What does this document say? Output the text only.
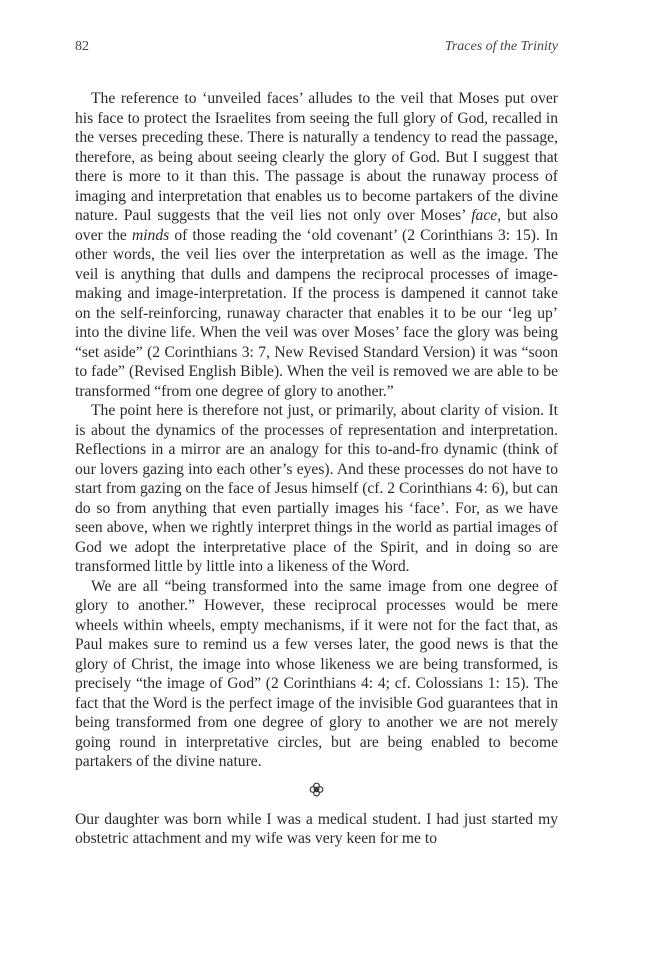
82	Traces of the Trinity

The reference to ‘unveiled faces’ alludes to the veil that Moses put over his face to protect the Israelites from seeing the full glory of God, recalled in the verses preceding these. There is naturally a tendency to read the passage, therefore, as being about seeing clearly the glory of God. But I suggest that there is more to it than this. The passage is about the runaway process of imaging and interpretation that enables us to become partakers of the divine nature. Paul suggests that the veil lies not only over Moses’ face, but also over the minds of those reading the ‘old covenant’ (2 Corinthians 3: 15). In other words, the veil lies over the interpretation as well as the image. The veil is anything that dulls and dampens the reciprocal processes of image-making and image-interpretation. If the process is dampened it cannot take on the self-reinforcing, runaway character that enables it to be our ‘leg up’ into the divine life. When the veil was over Moses’ face the glory was being “set aside” (2 Corinthians 3: 7, New Revised Standard Version) it was “soon to fade” (Revised English Bible). When the veil is removed we are able to be transformed “from one degree of glory to another.”

The point here is therefore not just, or primarily, about clarity of vision. It is about the dynamics of the processes of representation and interpretation. Reflections in a mirror are an analogy for this to-and-fro dynamic (think of our lovers gazing into each other’s eyes). And these processes do not have to start from gazing on the face of Jesus himself (cf. 2 Corinthians 4: 6), but can do so from anything that even partially images his ‘face’. For, as we have seen above, when we rightly interpret things in the world as partial images of God we adopt the interpretative place of the Spirit, and in doing so are transformed little by little into a likeness of the Word.

We are all “being transformed into the same image from one degree of glory to another.” However, these reciprocal processes would be mere wheels within wheels, empty mechanisms, if it were not for the fact that, as Paul makes sure to remind us a few verses later, the good news is that the glory of Christ, the image into whose likeness we are being transformed, is precisely “the image of God” (2 Corinthians 4: 4; cf. Colossians 1: 15). The fact that the Word is the perfect image of the invisible God guarantees that in being transformed from one degree of glory to another we are not merely going round in interpretative circles, but are being enabled to become partakers of the divine nature.

Our daughter was born while I was a medical student. I had just started my obstetric attachment and my wife was very keen for me to
